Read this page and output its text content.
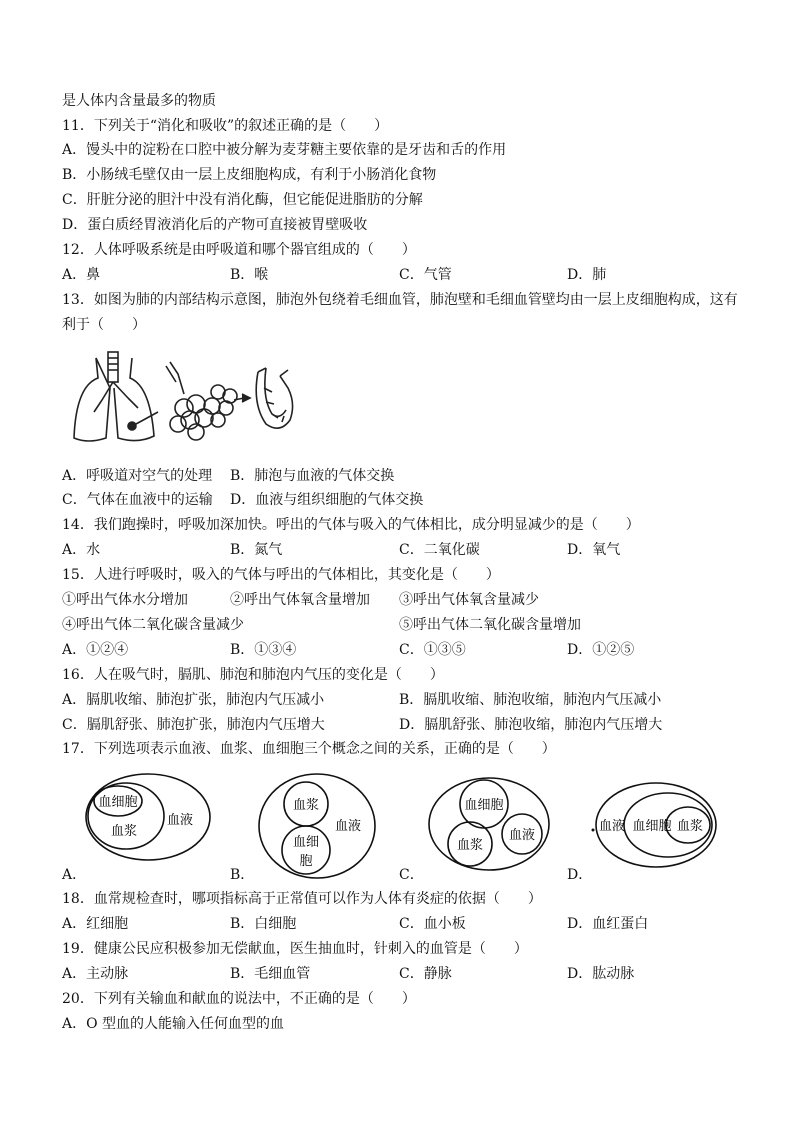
是人体内含量最多的物质
11．下列关于“消化和吸收”的叙述正确的是（　　）
A．馒头中的淀粉在口腔中被分解为麦芽糖主要依靠的是牙齿和舌的作用
B．小肠绒毛壁仅由一层上皮细胞构成，有利于小肠消化食物
C．肝脏分泌的胆汁中没有消化酶，但它能促进脂肪的分解
D．蛋白质经胃液消化后的产物可直接被胃壁吸收
12．人体呼吸系统是由呼吸道和哪个器官组成的（　　）
A．鼻	B．喉	C．气管	D．肺
13．如图为肺的内部结构示意图，肺泡外包绕着毛细血管，肺泡壁和毛细血管壁均由一层上皮细胞构成，这有
利于（　　）
A．呼吸道对空气的处理 B．肺泡与血液的气体交换
C．气体在血液中的运输 D．血液与组织细胞的气体交换
14．我们跑操时，呼吸加深加快。呼出的气体与吸入的气体相比，成分明显减少的是（　　）
A．水	B．氮气	C．二氧化碳	D．氧气
15．人进行呼吸时，吸入的气体与呼出的气体相比，其变化是（　　）
①呼出气体水分增加	②呼出气体氧含量增加 ③呼出气体氧含量减少
④呼出气体二氧化碳含量减少	⑤呼出气体二氧化碳含量增加
A．①②④	B．①③④	C．①③⑤	D．①②⑤
16．人在吸气时，膈肌、肺泡和肺泡内气压的变化是（　　）
A．膈肌收缩、肺泡扩张，肺泡内气压减小	B．膈肌收缩、肺泡收缩，肺泡内气压减小
C．膈肌舒张、肺泡扩张，肺泡内气压增大	D．膈肌舒张、肺泡收缩，肺泡内气压增大
17．下列选项表示血液、血浆、血细胞三个概念之间的关系，正确的是（　　）
血细胞
血浆
血液
A．
血浆
血细
胞
血液
B．
血细胞
血浆
血液
C．
血液 血细胞 血浆
D．
18．血常规检查时，哪项指标高于正常值可以作为人体有炎症的依据（　　）
A．红细胞	B．白细胞	C．血小板	D．血红蛋白
19．健康公民应积极参加无偿献血，医生抽血时，针刺入的血管是（　　）
A．主动脉	B．毛细血管	C．静脉	D．肱动脉
20．下列有关输血和献血的说法中，不正确的是（　　）
A．O 型血的人能输入任何血型的血
